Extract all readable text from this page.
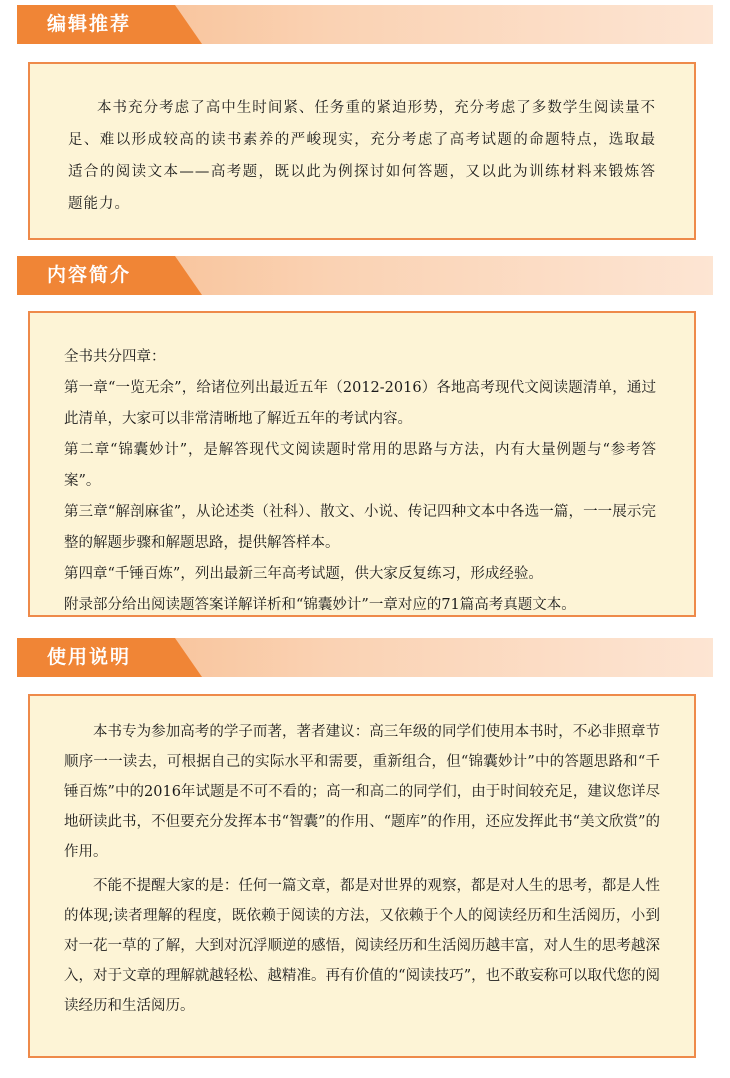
编辑推荐

本书充分考虑了高中生时间紧、任务重的紧迫形势，充分考虑了多数学生阅读量不足、难以形成较高的读书素养的严峻现实，充分考虑了高考试题的命题特点，选取最适合的阅读文本——高考题，既以此为例探讨如何答题，又以此为训练材料来锻炼答题能力。

内容简介

全书共分四章：

第一章“一览无余”，给诸位列出最近五年（2012-2016）各地高考现代文阅读题清单，通过此清单，大家可以非常清晰地了解近五年的考试内容。

第二章“锦囊妙计”，是解答现代文阅读题时常用的思路与方法，内有大量例题与“参考答案”。

第三章“解剖麻雀”，从论述类（社科）、散文、小说、传记四种文本中各选一篇，一一展示完整的解题步骤和解题思路，提供解答样本。

第四章“千锤百炼”，列出最新三年高考试题，供大家反复练习，形成经验。

附录部分给出阅读题答案详解详析和“锦囊妙计”一章对应的71篇高考真题文本。

使用说明

本书专为参加高考的学子而著，著者建议：高三年级的同学们使用本书时，不必非照章节顺序一一读去，可根据自己的实际水平和需要，重新组合，但“锦囊妙计”中的答题思路和“千锤百炼”中的2016年试题是不可不看的；高一和高二的同学们，由于时间较充足，建议您详尽地研读此书，不但要充分发挥本书“智囊”的作用、“题库”的作用，还应发挥此书“美文欣赏”的作用。

不能不提醒大家的是：任何一篇文章，都是对世界的观察，都是对人生的思考，都是人性的体现;读者理解的程度，既依赖于阅读的方法，又依赖于个人的阅读经历和生活阅历，小到对一花一草的了解，大到对沉浮顺逆的感悟，阅读经历和生活阅历越丰富，对人生的思考越深入，对于文章的理解就越轻松、越精准。再有价值的“阅读技巧”，也不敢妄称可以取代您的阅读经历和生活阅历。
